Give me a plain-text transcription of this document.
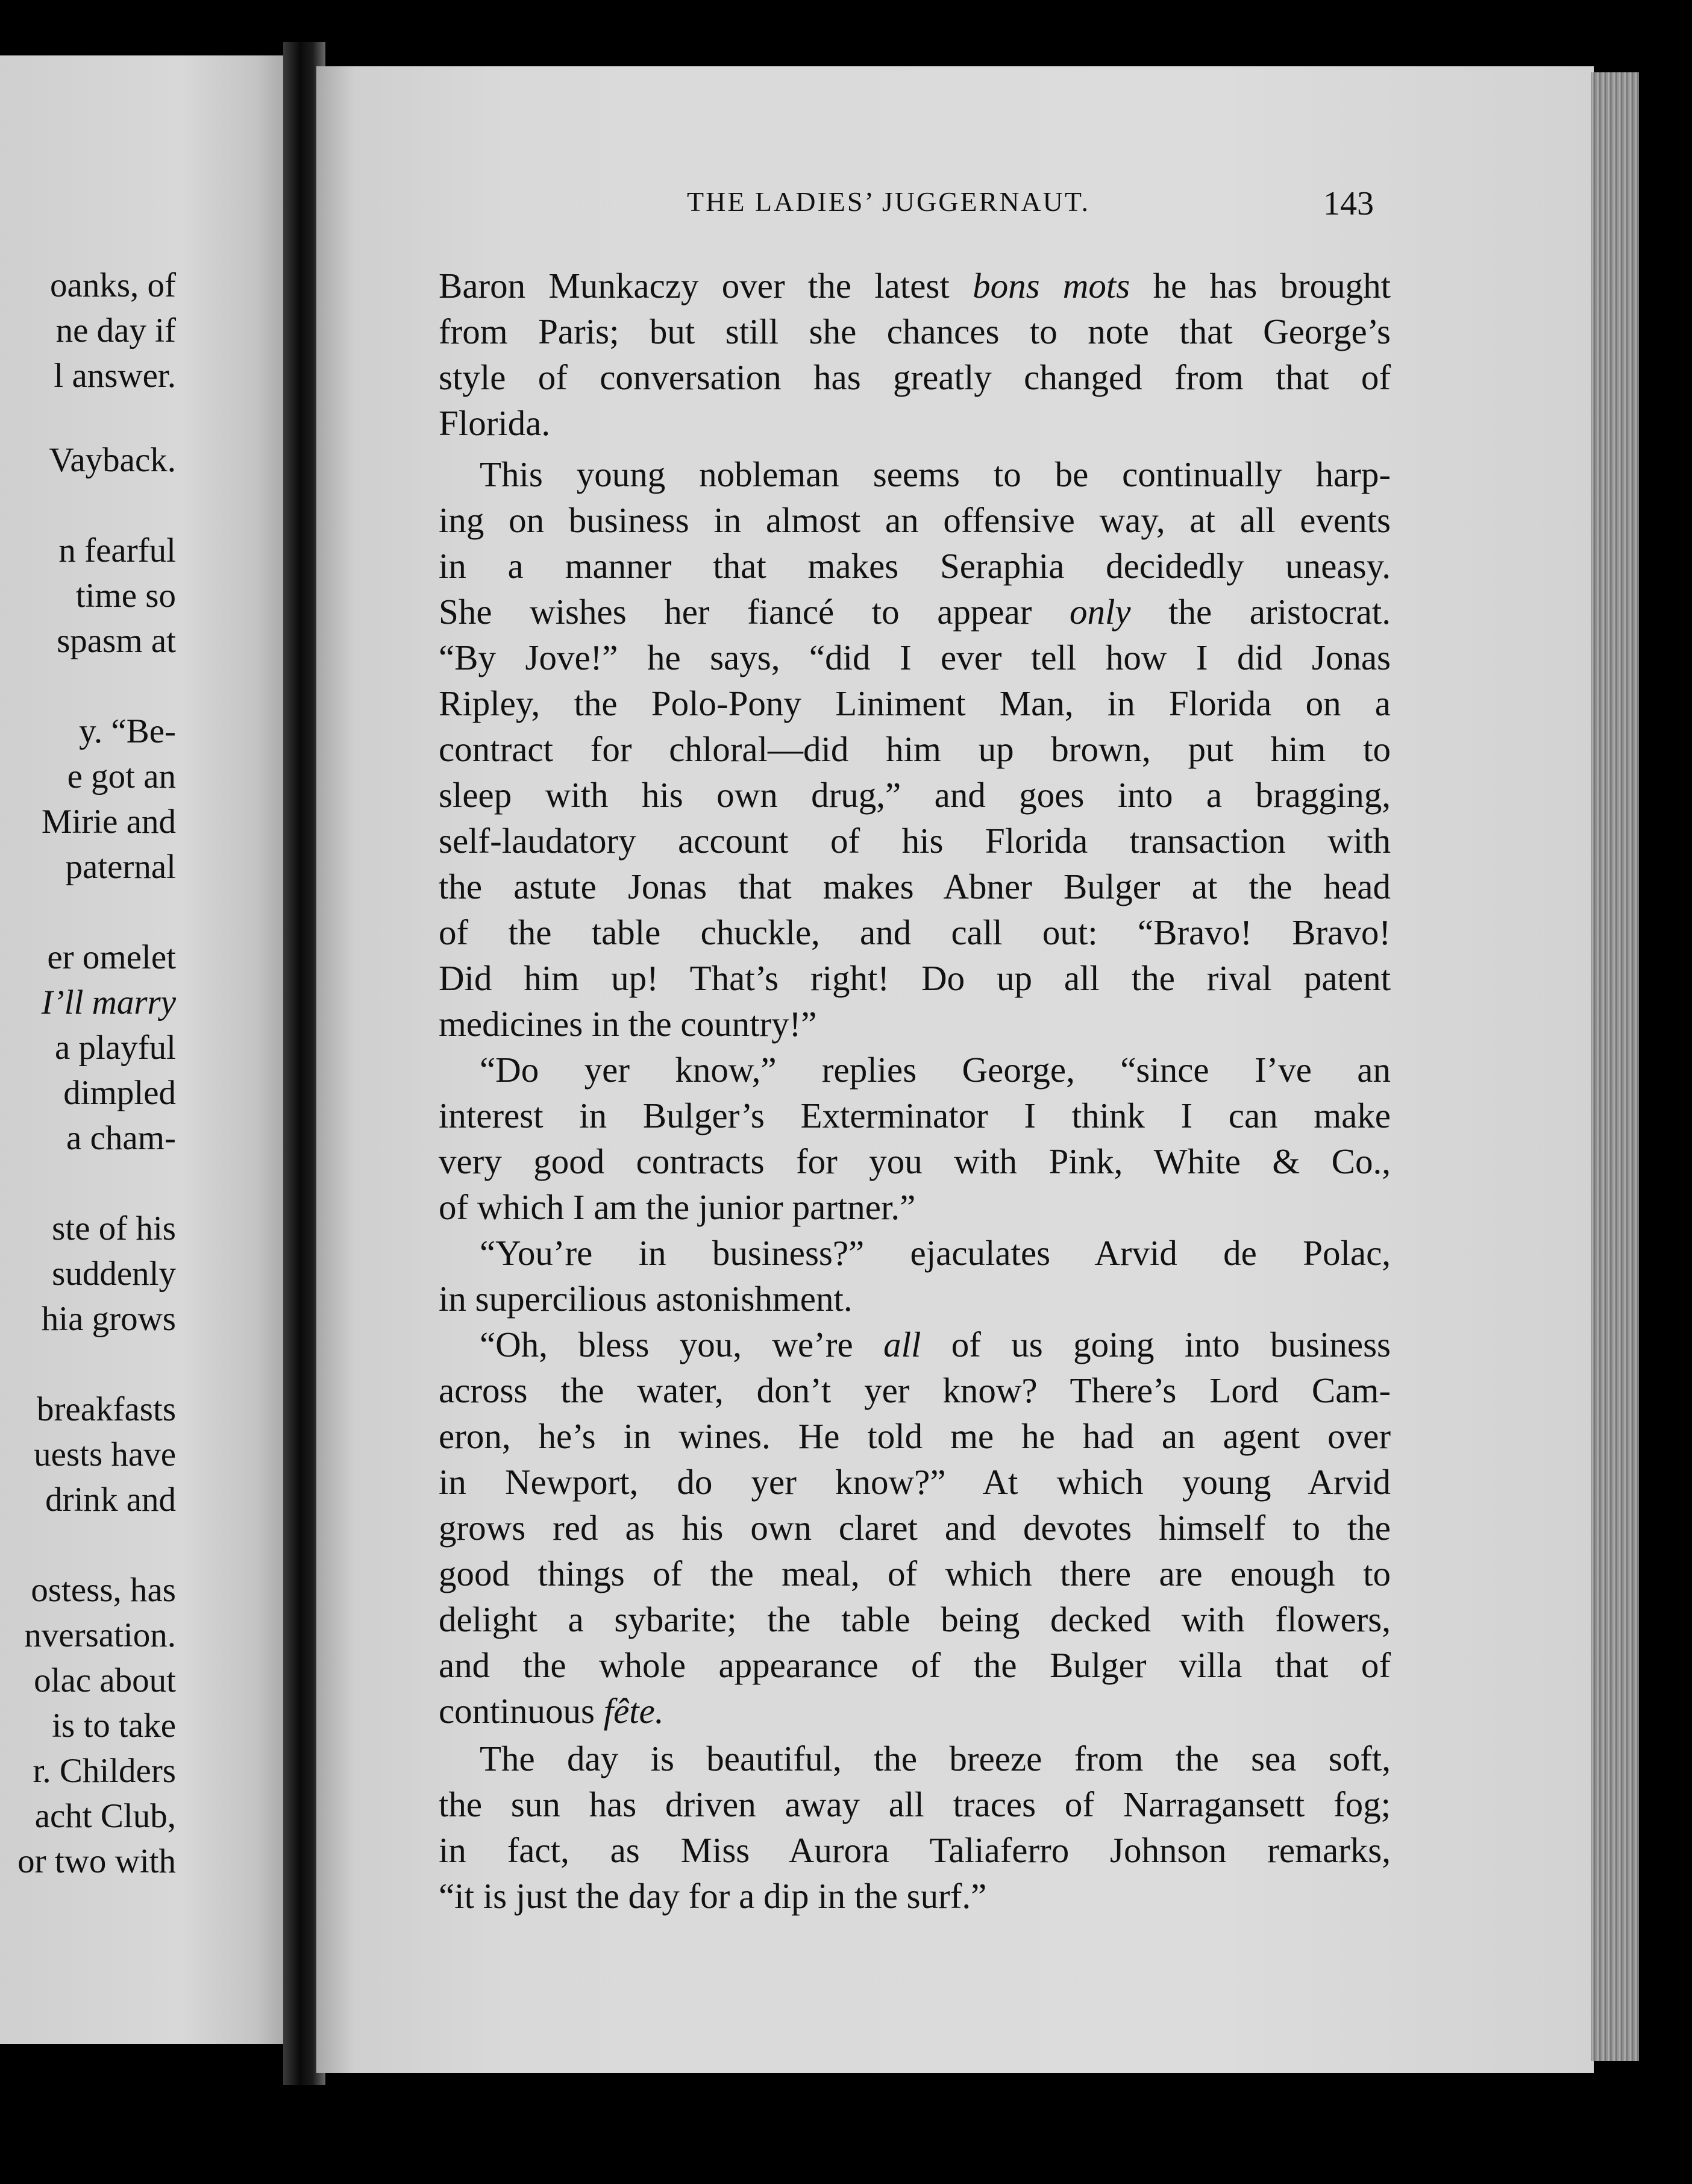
oanks, of
ne day if
l answer.
Vayback.
n fearful
time so
spasm at
y. “Be-
e got an
Mirie and
paternal
er omelet
I’ll marry
a playful
dimpled
a cham-
ste of his
suddenly
hia grows
breakfasts
uests have
drink and
ostess, has
nversation.
olac about
is to take
r. Childers
acht Club,
or two with
THE LADIES’ JUGGERNAUT.	143
Baron Munkaczy over the latest bons mots he has brought
from Paris; but still she chances to note that George’s
style of conversation has greatly changed from that of
Florida.
This young nobleman seems to be continually harp-
ing on business in almost an offensive way, at all events
in a manner that makes Seraphia decidedly uneasy.
She wishes her fiancé to appear only the aristocrat.
“By Jove!” he says, “did I ever tell how I did Jonas
Ripley, the Polo-Pony Liniment Man, in Florida on a
contract for chloral—did him up brown, put him to
sleep with his own drug,” and goes into a bragging,
self-laudatory account of his Florida transaction with
the astute Jonas that makes Abner Bulger at the head
of the table chuckle, and call out: “Bravo! Bravo!
Did him up! That’s right! Do up all the rival patent
medicines in the country!”
“Do yer know,” replies George, “since I’ve an
interest in Bulger’s Exterminator I think I can make
very good contracts for you with Pink, White & Co.,
of which I am the junior partner.”
“You’re in business?” ejaculates Arvid de Polac,
in supercilious astonishment.
“Oh, bless you, we’re all of us going into business
across the water, don’t yer know? There’s Lord Cam-
eron, he’s in wines. He told me he had an agent over
in Newport, do yer know?” At which young Arvid
grows red as his own claret and devotes himself to the
good things of the meal, of which there are enough to
delight a sybarite; the table being decked with flowers,
and the whole appearance of the Bulger villa that of
continuous fête.
The day is beautiful, the breeze from the sea soft,
the sun has driven away all traces of Narragansett fog;
in fact, as Miss Aurora Taliaferro Johnson remarks,
“it is just the day for a dip in the surf.”
